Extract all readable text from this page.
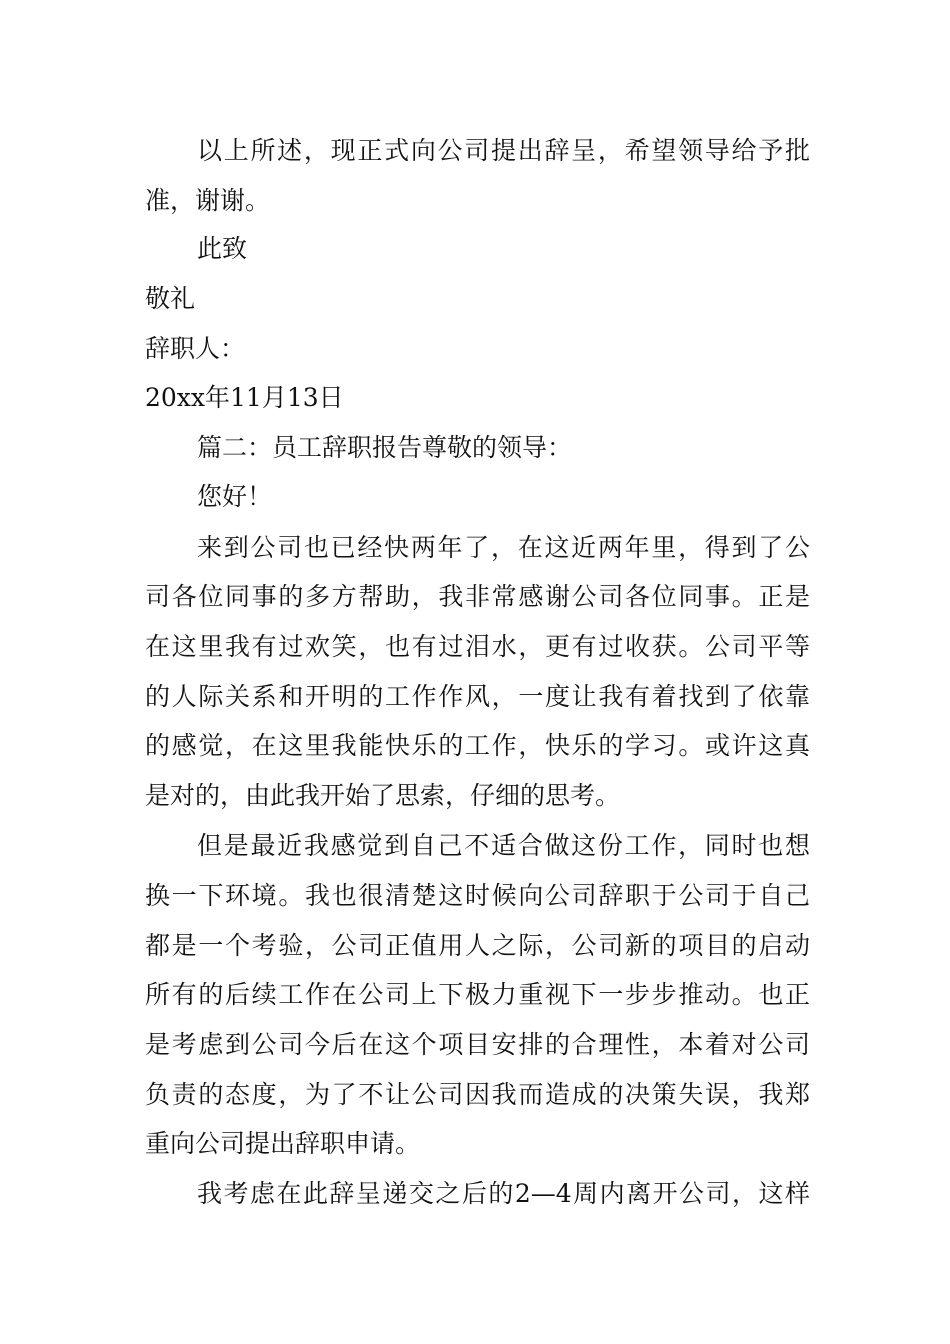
以上所述，现正式向公司提出辞呈，希望领导给予批
准，谢谢。
此致
敬礼
辞职人：
20xx年11月13日
篇二：员工辞职报告尊敬的领导：
您好！
来到公司也已经快两年了，在这近两年里，得到了公
司各位同事的多方帮助，我非常感谢公司各位同事。正是
在这里我有过欢笑，也有过泪水，更有过收获。公司平等
的人际关系和开明的工作作风，一度让我有着找到了依靠
的感觉，在这里我能快乐的工作，快乐的学习。或许这真
是对的，由此我开始了思索，仔细的思考。
但是最近我感觉到自己不适合做这份工作，同时也想
换一下环境。我也很清楚这时候向公司辞职于公司于自己
都是一个考验，公司正值用人之际，公司新的项目的启动
所有的后续工作在公司上下极力重视下一步步推动。也正
是考虑到公司今后在这个项目安排的合理性，本着对公司
负责的态度，为了不让公司因我而造成的决策失误，我郑
重向公司提出辞职申请。
我考虑在此辞呈递交之后的2—4周内离开公司，这样
